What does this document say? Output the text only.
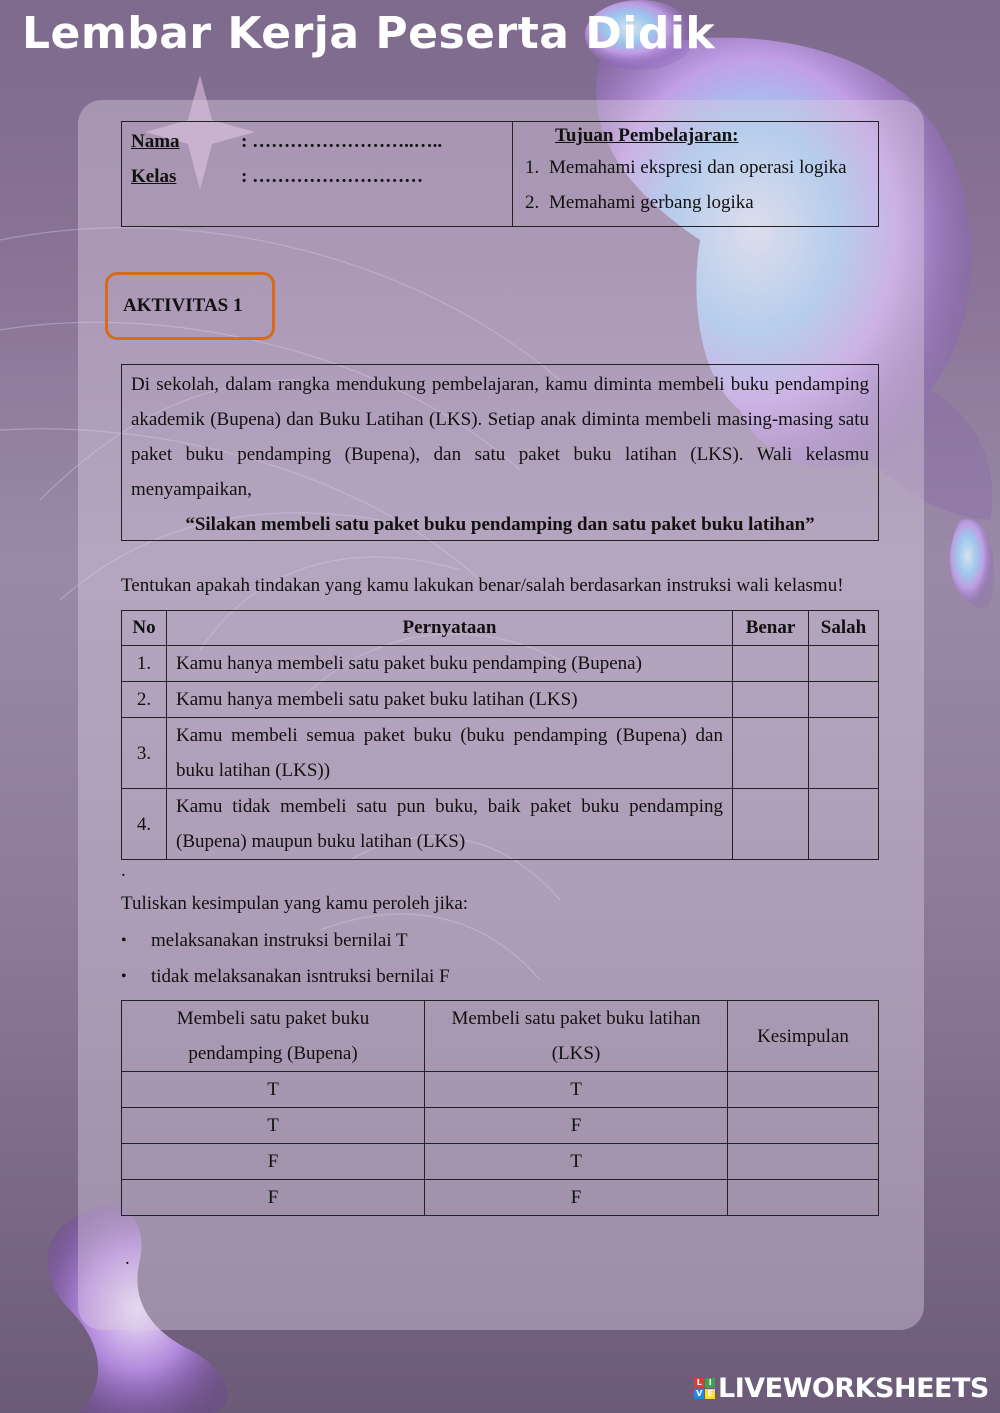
Lembar Kerja Peserta Didik
Nama	: ……………………..…..
Kelas	: ………………………

Tujuan Pembelajaran:
1. Memahami ekspresi dan operasi logika
2. Memahami gerbang logika
AKTIVITAS 1
Di sekolah, dalam rangka mendukung pembelajaran, kamu diminta membeli buku pendamping akademik (Bupena) dan Buku Latihan (LKS). Setiap anak diminta membeli masing-masing satu paket buku pendamping (Bupena), dan satu paket buku latihan (LKS). Wali kelasmu menyampaikan,
“Silakan membeli satu paket buku pendamping dan satu paket buku latihan”
Tentukan apakah tindakan yang kamu lakukan benar/salah berdasarkan instruksi wali kelasmu!
No	Pernyataan	Benar	Salah
1.	Kamu hanya membeli satu paket buku pendamping (Bupena)		
2.	Kamu hanya membeli satu paket buku latihan (LKS)		
3.	Kamu membeli semua paket buku (buku pendamping (Bupena) dan buku latihan (LKS))		
4.	Kamu tidak membeli satu pun buku, baik paket buku pendamping (Bupena) maupun buku latihan (LKS)		
.
Tuliskan kesimpulan yang kamu peroleh jika:
•	melaksanakan instruksi bernilai T
•	tidak melaksanakan isntruksi bernilai F
Membeli satu paket buku pendamping (Bupena)	Membeli satu paket buku latihan (LKS)	Kesimpulan
T	T	
T	F	
F	T	
F	F	
.
L I
V E LIVEWORKSHEETS
